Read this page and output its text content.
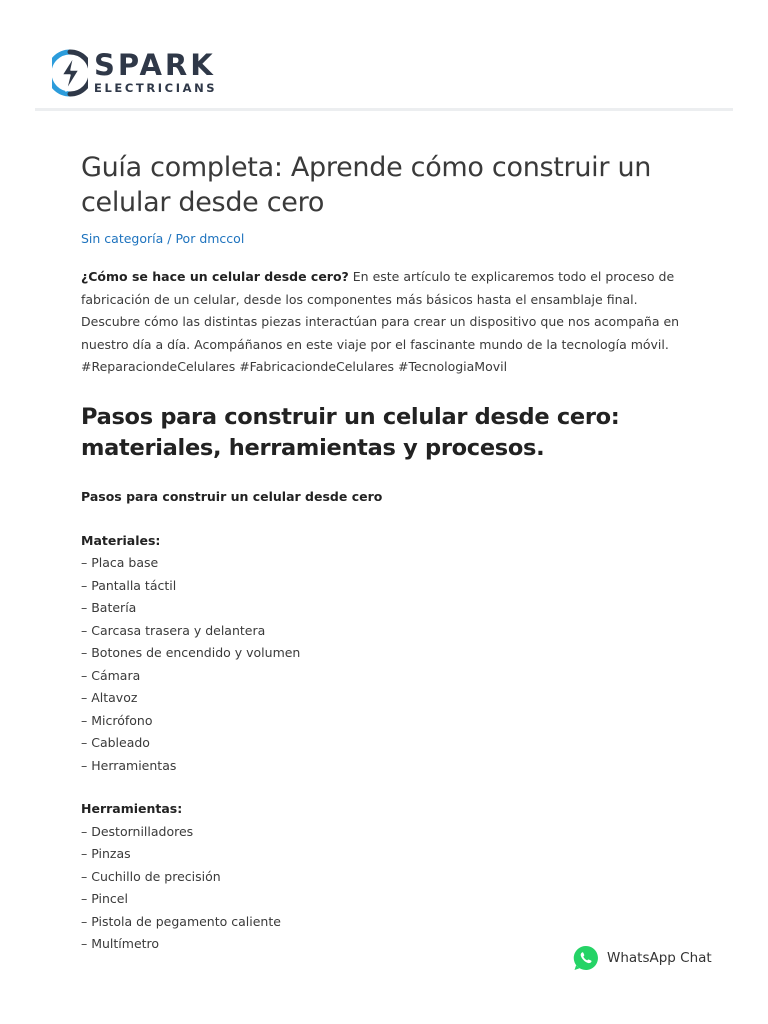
SPARK
ELECTRICIANS
Guía completa: Aprende cómo construir un celular desde cero
Sin categoría / Por dmccol

¿Cómo se hace un celular desde cero? En este artículo te explicaremos todo el proceso de fabricación de un celular, desde los componentes más básicos hasta el ensamblaje final. Descubre cómo las distintas piezas interactúan para crear un dispositivo que nos acompaña en nuestro día a día. Acompáñanos en este viaje por el fascinante mundo de la tecnología móvil. #ReparaciondeCelulares #FabricaciondeCelulares #TecnologiaMovil

Pasos para construir un celular desde cero: materiales, herramientas y procesos.
Pasos para construir un celular desde cero
Materiales:
– Placa base
– Pantalla táctil
– Batería
– Carcasa trasera y delantera
– Botones de encendido y volumen
– Cámara
– Altavoz
– Micrófono
– Cableado
– Herramientas
Herramientas:
– Destornilladores
– Pinzas
– Cuchillo de precisión
– Pincel
– Pistola de pegamento caliente
– Multímetro
WhatsApp Chat
